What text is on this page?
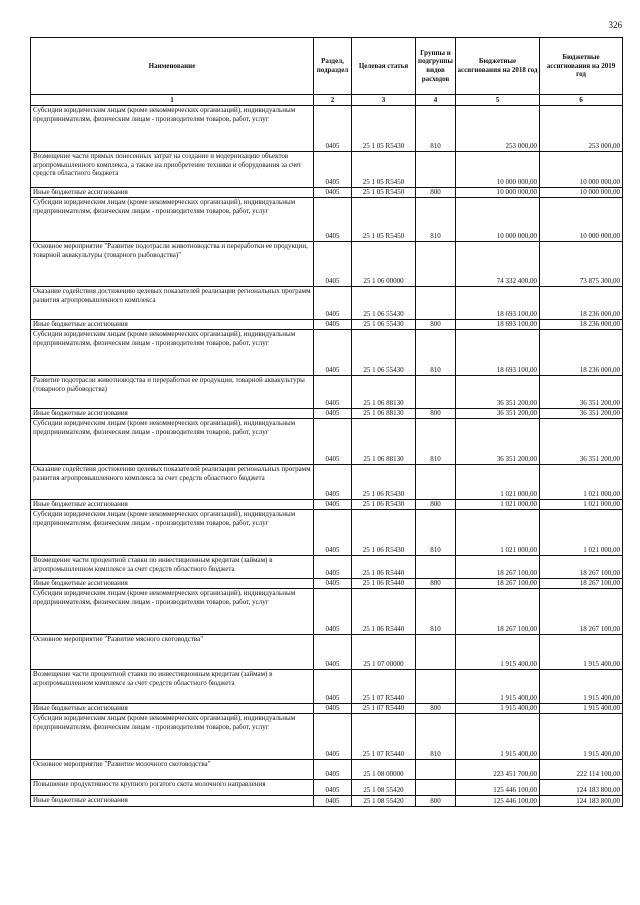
326
Наименование	Раздел, подраздел	Целевая статья	Группы и подгруппы видов расходов	Бюджетные ассигнования на 2018 год	Бюджетные ассигнования на 2019 год
1	2	3	4	5	6
Субсидии юридическим лицам (кроме некоммерческих организаций), индивидуальным предпринимателям, физическим лицам - производителям товаров, работ, услуг	0405	25 1 05 R5430	810	253 000,00	253 000,00
Возмещение части прямых понесенных затрат на создание и модернизацию объектов агропромышленного комплекса, а также на приобретение техники и оборудования за счет средств областного бюджета	0405	25 1 05 R5450		10 000 000,00	10 000 000,00
Иные бюджетные ассигнования	0405	25 1 05 R5450	800	10 000 000,00	10 000 000,00
Субсидии юридическим лицам (кроме некоммерческих организаций), индивидуальным предпринимателям, физическим лицам - производителям товаров, работ, услуг	0405	25 1 05 R5450	810	10 000 000,00	10 000 000,00
Основное мероприятие "Развитие подотрасли животноводства и переработки ее продукции, товарной аквакультуры (товарного рыбоводства)"	0405	25 1 06 00000		74 332 400,00	73 875 300,00
Оказание содействия достижению целевых показателей реализации региональных программ развития агропромышленного комплекса	0405	25 1 06 55430		18 693 100,00	18 236 000,00
Иные бюджетные ассигнования	0405	25 1 06 55430	800	18 693 100,00	18 236 000,00
Субсидии юридическим лицам (кроме некоммерческих организаций), индивидуальным предпринимателям, физическим лицам - производителям товаров, работ, услуг	0405	25 1 06 55430	810	18 693 100,00	18 236 000,00
Развитие подотрасли животноводства и переработки ее продукции, товарной аквакультуры (товарного рыбоводства)	0405	25 1 06 88130		36 351 200,00	36 351 200,00
Иные бюджетные ассигнования	0405	25 1 06 88130	800	36 351 200,00	36 351 200,00
Субсидии юридическим лицам (кроме некоммерческих организаций), индивидуальным предпринимателям, физическим лицам - производителям товаров, работ, услуг	0405	25 1 06 88130	810	36 351 200,00	36 351 200,00
Оказание содействия достижению целевых показателей реализации региональных программ развития агропромышленного комплекса за счет средств областного бюджета	0405	25 1 06 R5430		1 021 000,00	1 021 000,00
Иные бюджетные ассигнования	0405	25 1 06 R5430	800	1 021 000,00	1 021 000,00
Субсидии юридическим лицам (кроме некоммерческих организаций), индивидуальным предпринимателям, физическим лицам - производителям товаров, работ, услуг	0405	25 1 06 R5430	810	1 021 000,00	1 021 000,00
Возмещение части процентной ставки по инвестиционным кредитам (займам) в агропромышленном комплексе за счет средств областного бюджета	0405	25 1 06 R5440		18 267 100,00	18 267 100,00
Иные бюджетные ассигнования	0405	25 1 06 R5440	800	18 267 100,00	18 267 100,00
Субсидии юридическим лицам (кроме некоммерческих организаций), индивидуальным предпринимателям, физическим лицам - производителям товаров, работ, услуг	0405	25 1 06 R5440	810	18 267 100,00	18 267 100,00
Основное мероприятие "Развитие мясного скотоводства"	0405	25 1 07 00000		1 915 400,00	1 915 400,00
Возмещение части процентной ставки по инвестиционным кредитам (займам) в агропромышленном комплексе за счет средств областного бюджета	0405	25 1 07 R5440		1 915 400,00	1 915 400,00
Иные бюджетные ассигнования	0405	25 1 07 R5440	800	1 915 400,00	1 915 400,00
Субсидии юридическим лицам (кроме некоммерческих организаций), индивидуальным предпринимателям, физическим лицам - производителям товаров, работ, услуг	0405	25 1 07 R5440	810	1 915 400,00	1 915 400,00
Основное мероприятие "Развитие молочного скотоводства"	0405	25 1 08 00000		223 451 700,00	222 114 100,00
Повышение продуктивности крупного рогатого скота молочного направления	0405	25 1 08 55420		125 446 100,00	124 183 800,00
Иные бюджетные ассигнования	0405	25 1 08 55420	800	125 446 100,00	124 183 800,00
